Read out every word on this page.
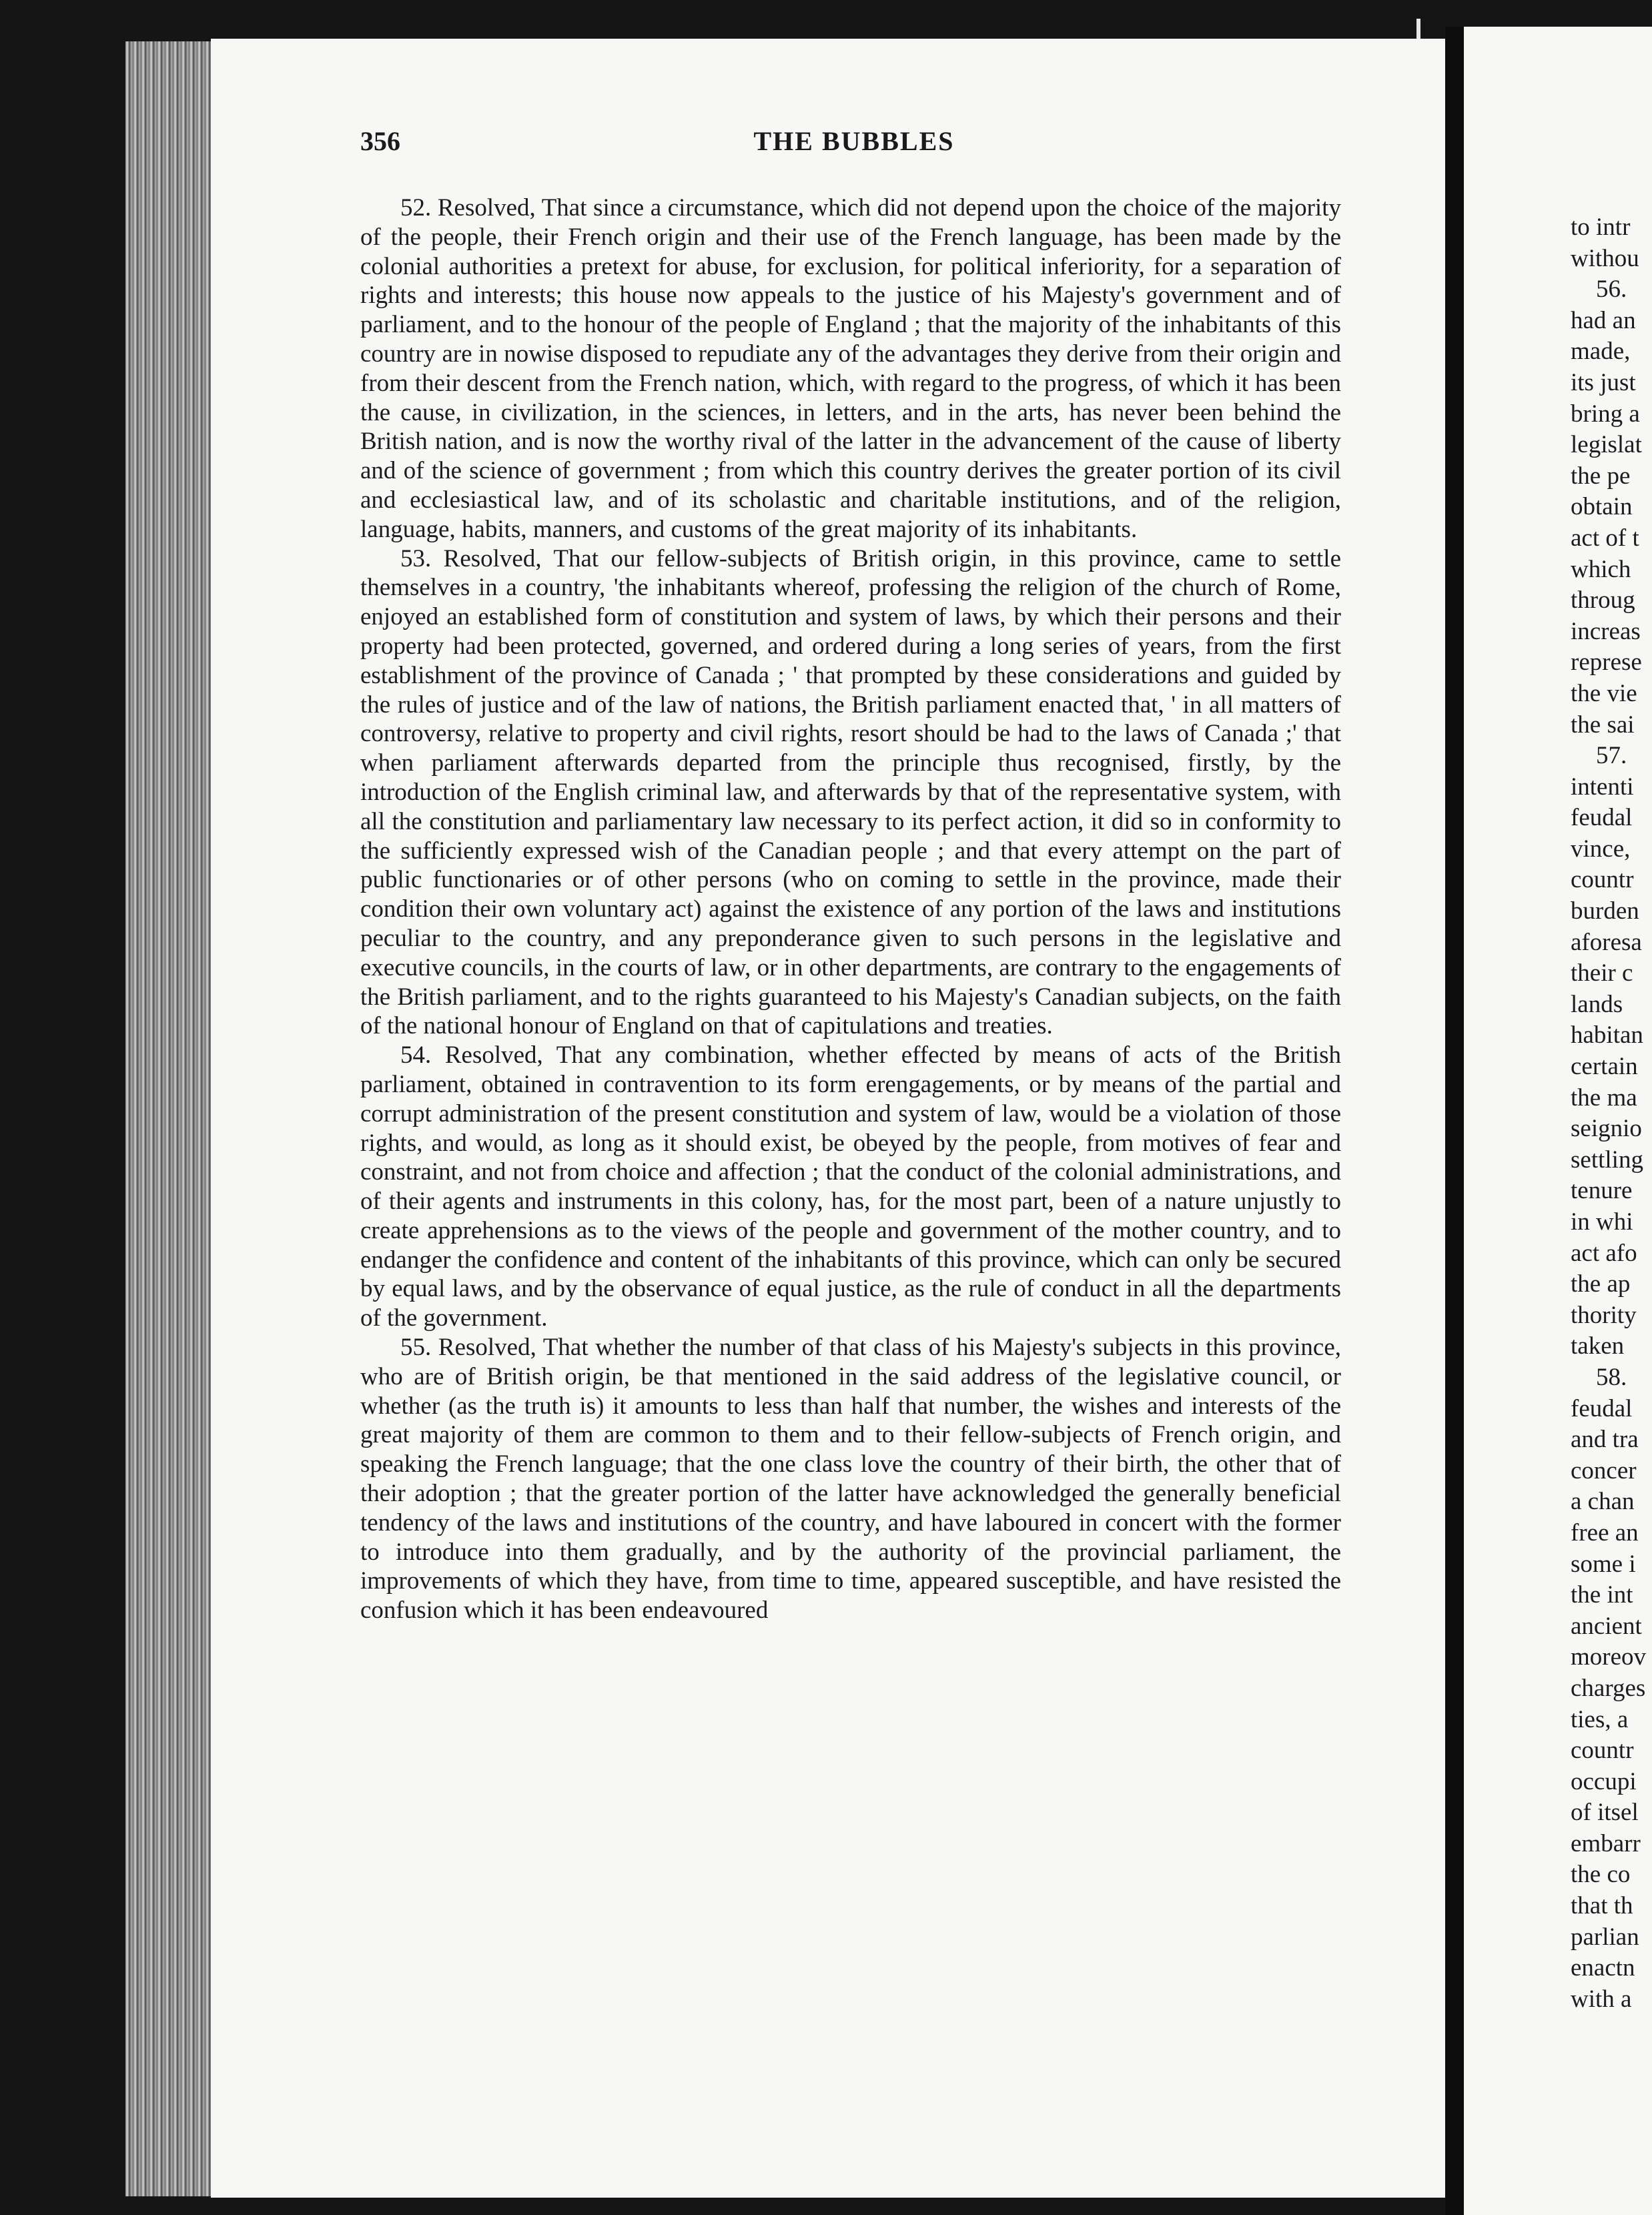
356	THE BUBBLES

52. Resolved, That since a circumstance, which did not depend upon the choice of the majority of the people, their French origin and their use of the French language, has been made by the colonial authorities a pretext for abuse, for exclusion, for political inferiority, for a separation of rights and interests; this house now appeals to the justice of his Majesty's government and of parliament, and to the honour of the people of England ; that the majority of the inhabitants of this country are in nowise disposed to repudiate any of the advantages they derive from their origin and from their descent from the French nation, which, with regard to the progress, of which it has been the cause, in civilization, in the sciences, in letters, and in the arts, has never been behind the British nation, and is now the worthy rival of the latter in the advancement of the cause of liberty and of the science of government ; from which this country derives the greater portion of its civil and ecclesiastical law, and of its scholastic and charitable institutions, and of the religion, language, habits, manners, and customs of the great majority of its inhabitants.

53. Resolved, That our fellow-subjects of British origin, in this province, came to settle themselves in a country, 'the inhabitants whereof, professing the religion of the church of Rome, enjoyed an established form of constitution and system of laws, by which their persons and their property had been protected, governed, and ordered during a long series of years, from the first establishment of the province of Canada ; ' that prompted by these considerations and guided by the rules of justice and of the law of nations, the British parliament enacted that, ' in all matters of controversy, relative to property and civil rights, resort should be had to the laws of Canada ;' that when parliament afterwards departed from the principle thus recognised, firstly, by the introduction of the English criminal law, and afterwards by that of the representative system, with all the constitution and parliamentary law necessary to its perfect action, it did so in conformity to the sufficiently expressed wish of the Canadian people ; and that every attempt on the part of public functionaries or of other persons (who on coming to settle in the province, made their condition their own voluntary act) against the existence of any portion of the laws and institutions peculiar to the country, and any preponderance given to such persons in the legislative and executive councils, in the courts of law, or in other departments, are contrary to the engagements of the British parliament, and to the rights guaranteed to his Majesty's Canadian subjects, on the faith of the national honour of England on that of capitulations and treaties.

54. Resolved, That any combination, whether effected by means of acts of the British parliament, obtained in contravention to its form erengagements, or by means of the partial and corrupt administration of the present constitution and system of law, would be a violation of those rights, and would, as long as it should exist, be obeyed by the people, from motives of fear and constraint, and not from choice and affection ; that the conduct of the colonial administrations, and of their agents and instruments in this colony, has, for the most part, been of a nature unjustly to create apprehensions as to the views of the people and government of the mother country, and to endanger the confidence and content of the inhabitants of this province, which can only be secured by equal laws, and by the observance of equal justice, as the rule of conduct in all the departments of the government.

55. Resolved, That whether the number of that class of his Majesty's subjects in this province, who are of British origin, be that mentioned in the said address of the legislative council, or whether (as the truth is) it amounts to less than half that number, the wishes and interests of the great majority of them are common to them and to their fellow-subjects of French origin, and speaking the French language; that the one class love the country of their birth, the other that of their adoption ; that the greater portion of the latter have acknowledged the generally beneficial tendency of the laws and institutions of the country, and have laboured in concert with the former to introduce into them gradually, and by the authority of the provincial parliament, the improvements of which they have, from time to time, appeared susceptible, and have resisted the confusion which it has been endeavoured

to intr
withou
56.
had an
made,
its just
bring a
legislat
the pe
obtain
act of t
which
throug
increas
represe
the vie
the sai
57.
intenti
feudal
vince,
countr
burden
aforesa
their c
lands
habitan
certain
the ma
seignio
settling
tenure
in whi
act afo
the ap
thority
taken
58.
feudal
and tra
concer
a chan
free an
some i
the int
ancient
moreov
charges
ties, a
countr
occupi
of itsel
embarr
the co
that th
parlian
enactn
with a
